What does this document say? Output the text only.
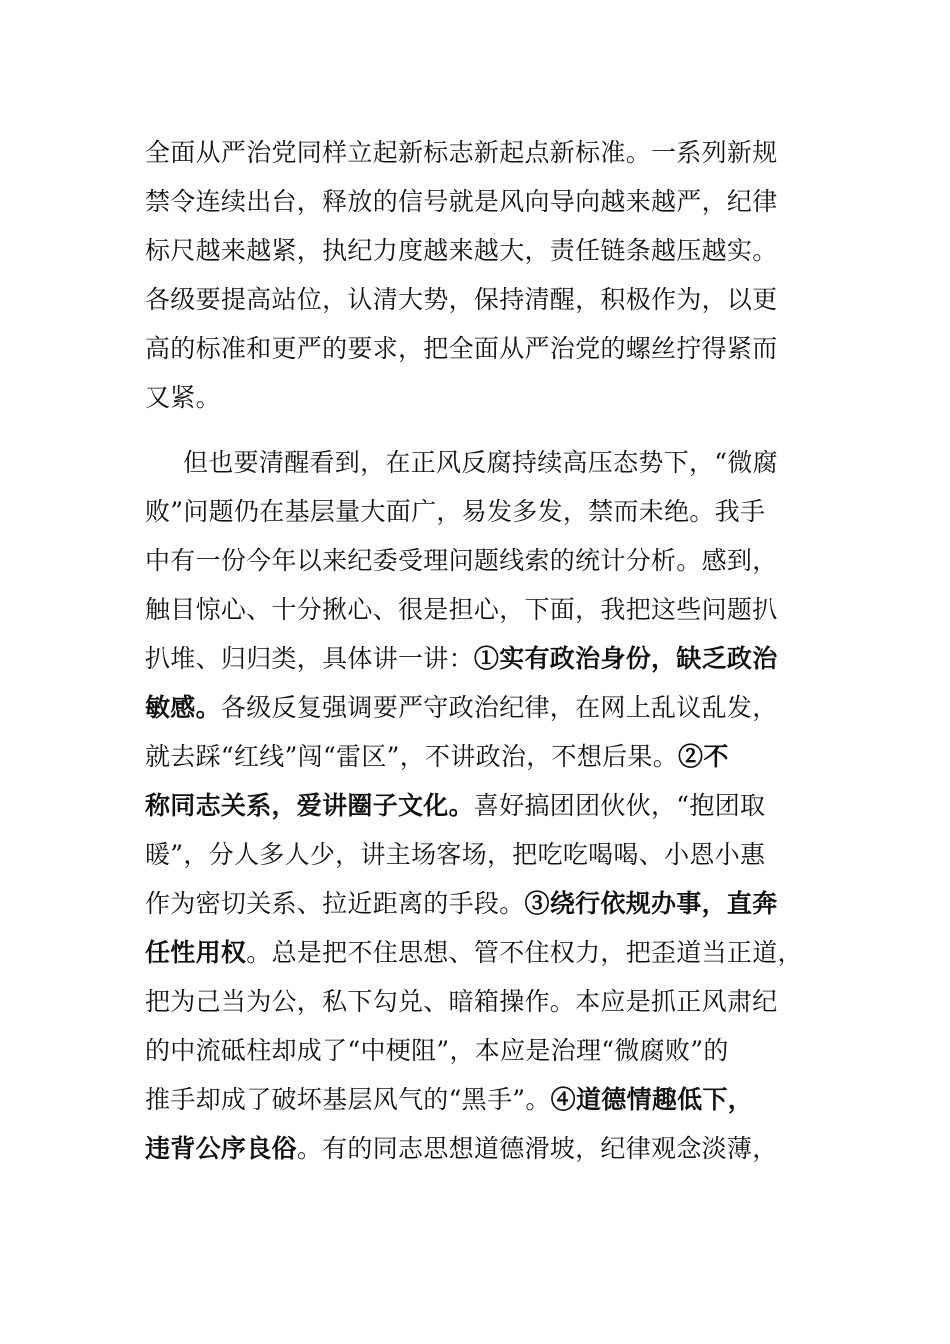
全面从严治党同样立起新标志新起点新标准。一系列新规
禁令连续出台，释放的信号就是风向导向越来越严，纪律
标尺越来越紧，执纪力度越来越大，责任链条越压越实。
各级要提高站位，认清大势，保持清醒，积极作为，以更
高的标准和更严的要求，把全面从严治党的螺丝拧得紧而
又紧。
但也要清醒看到，在正风反腐持续高压态势下，“微腐
败”问题仍在基层量大面广，易发多发，禁而未绝。我手
中有一份今年以来纪委受理问题线索的统计分析。感到，
触目惊心、十分揪心、很是担心，下面，我把这些问题扒
扒堆、归归类，具体讲一讲：①实有政治身份，缺乏政治
敏感。各级反复强调要严守政治纪律，在网上乱议乱发，
就去踩“红线”闯“雷区”，不讲政治，不想后果。②不
称同志关系，爱讲圈子文化。喜好搞团团伙伙，“抱团取
暖”，分人多人少，讲主场客场，把吃吃喝喝、小恩小惠
作为密切关系、拉近距离的手段。③绕行依规办事，直奔
任性用权。总是把不住思想、管不住权力，把歪道当正道，
把为己当为公，私下勾兑、暗箱操作。本应是抓正风肃纪
的中流砥柱却成了“中梗阻”，本应是治理“微腐败”的
推手却成了破坏基层风气的“黑手”。④道德情趣低下，
违背公序良俗。有的同志思想道德滑坡，纪律观念淡薄，
